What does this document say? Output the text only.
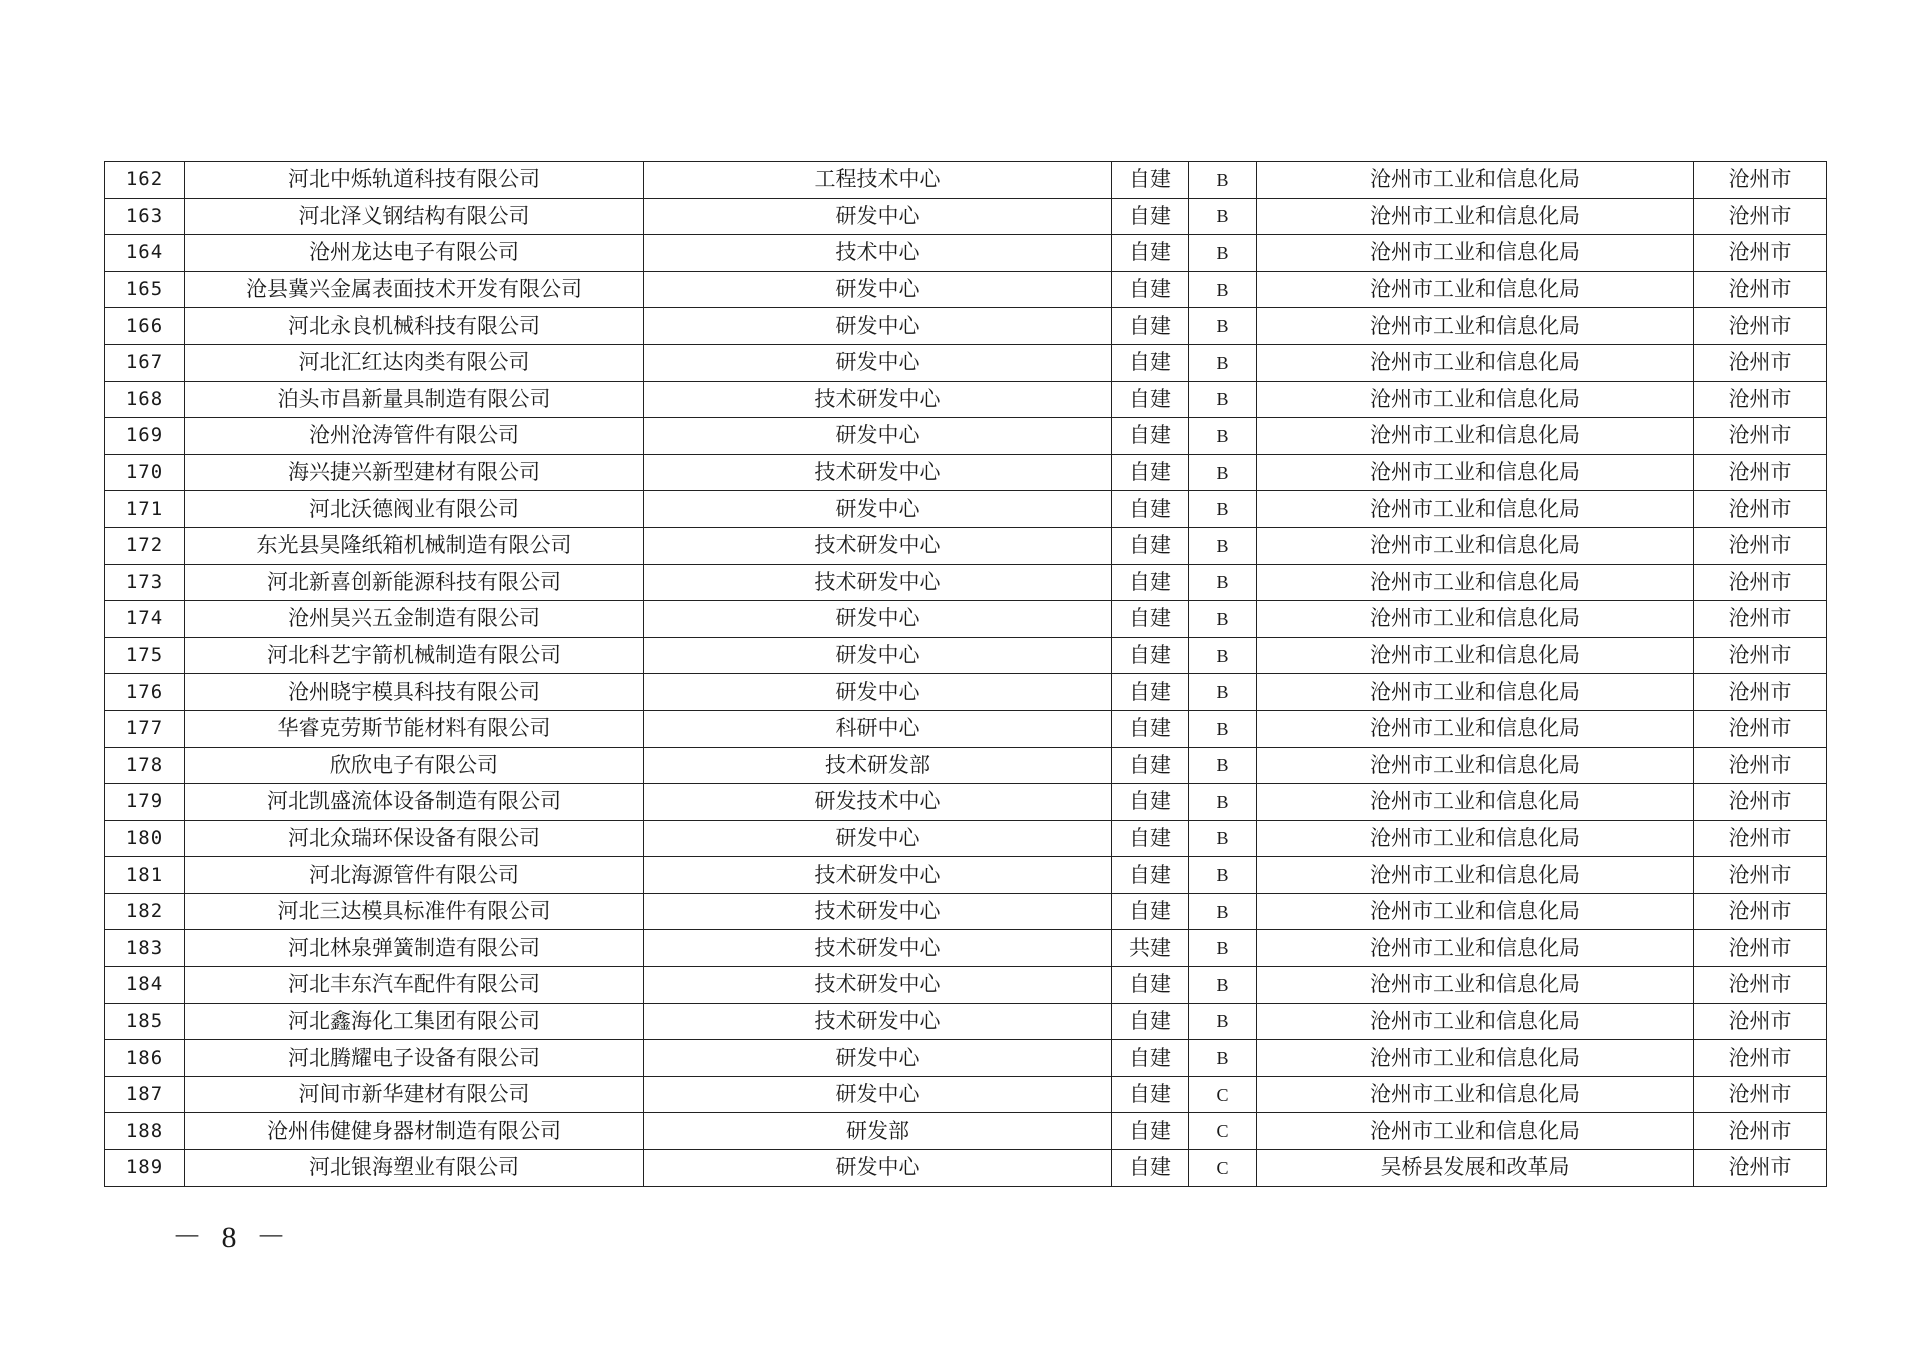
162	河北中烁轨道科技有限公司	工程技术中心	自建	B	沧州市工业和信息化局	沧州市
163	河北泽义钢结构有限公司	研发中心	自建	B	沧州市工业和信息化局	沧州市
164	沧州龙达电子有限公司	技术中心	自建	B	沧州市工业和信息化局	沧州市
165	沧县冀兴金属表面技术开发有限公司	研发中心	自建	B	沧州市工业和信息化局	沧州市
166	河北永良机械科技有限公司	研发中心	自建	B	沧州市工业和信息化局	沧州市
167	河北汇红达肉类有限公司	研发中心	自建	B	沧州市工业和信息化局	沧州市
168	泊头市昌新量具制造有限公司	技术研发中心	自建	B	沧州市工业和信息化局	沧州市
169	沧州沧涛管件有限公司	研发中心	自建	B	沧州市工业和信息化局	沧州市
170	海兴捷兴新型建材有限公司	技术研发中心	自建	B	沧州市工业和信息化局	沧州市
171	河北沃德阀业有限公司	研发中心	自建	B	沧州市工业和信息化局	沧州市
172	东光县昊隆纸箱机械制造有限公司	技术研发中心	自建	B	沧州市工业和信息化局	沧州市
173	河北新喜创新能源科技有限公司	技术研发中心	自建	B	沧州市工业和信息化局	沧州市
174	沧州昊兴五金制造有限公司	研发中心	自建	B	沧州市工业和信息化局	沧州市
175	河北科艺宇箭机械制造有限公司	研发中心	自建	B	沧州市工业和信息化局	沧州市
176	沧州晓宇模具科技有限公司	研发中心	自建	B	沧州市工业和信息化局	沧州市
177	华睿克劳斯节能材料有限公司	科研中心	自建	B	沧州市工业和信息化局	沧州市
178	欣欣电子有限公司	技术研发部	自建	B	沧州市工业和信息化局	沧州市
179	河北凯盛流体设备制造有限公司	研发技术中心	自建	B	沧州市工业和信息化局	沧州市
180	河北众瑞环保设备有限公司	研发中心	自建	B	沧州市工业和信息化局	沧州市
181	河北海源管件有限公司	技术研发中心	自建	B	沧州市工业和信息化局	沧州市
182	河北三达模具标准件有限公司	技术研发中心	自建	B	沧州市工业和信息化局	沧州市
183	河北林泉弹簧制造有限公司	技术研发中心	共建	B	沧州市工业和信息化局	沧州市
184	河北丰东汽车配件有限公司	技术研发中心	自建	B	沧州市工业和信息化局	沧州市
185	河北鑫海化工集团有限公司	技术研发中心	自建	B	沧州市工业和信息化局	沧州市
186	河北腾耀电子设备有限公司	研发中心	自建	B	沧州市工业和信息化局	沧州市
187	河间市新华建材有限公司	研发中心	自建	C	沧州市工业和信息化局	沧州市
188	沧州伟健健身器材制造有限公司	研发部	自建	C	沧州市工业和信息化局	沧州市
189	河北银海塑业有限公司	研发中心	自建	C	吴桥县发展和改革局	沧州市
－ 8 －
